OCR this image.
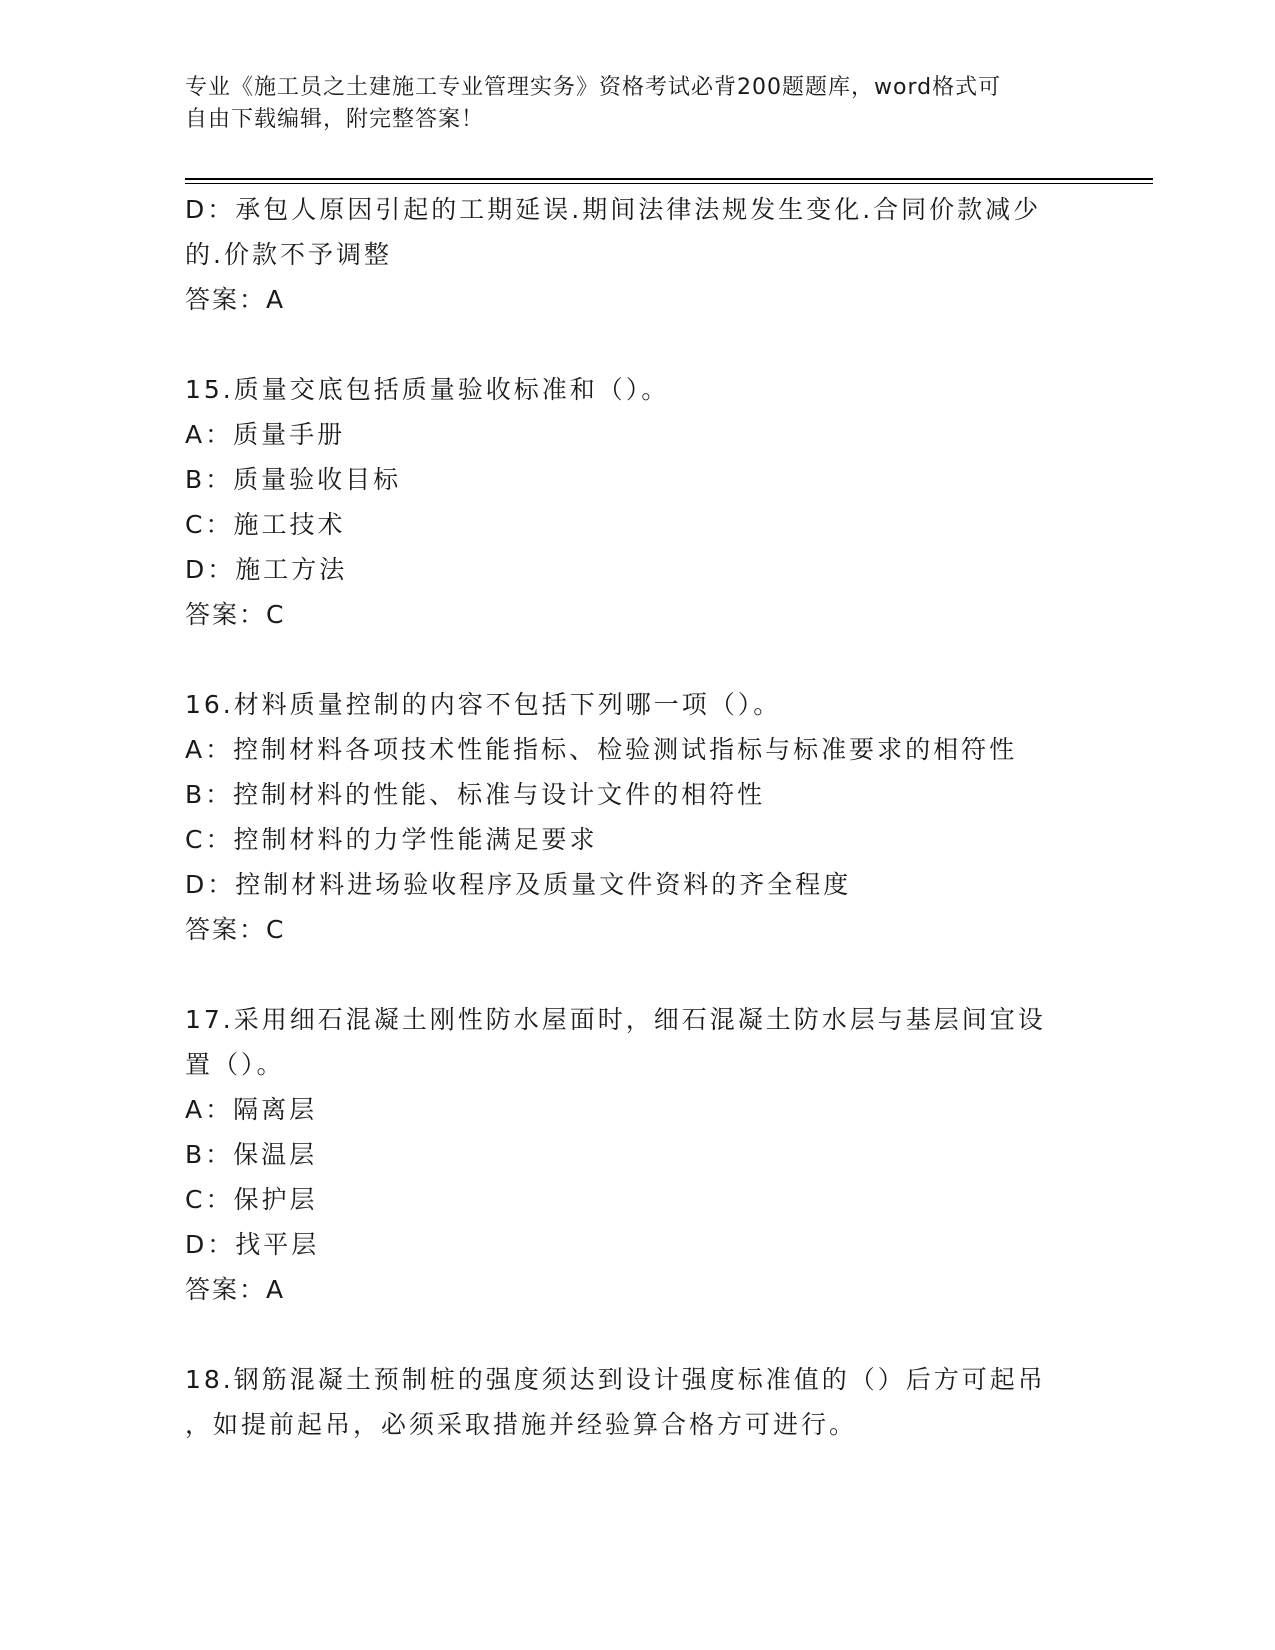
专业《施工员之土建施工专业管理实务》资格考试必背200题题库，word格式可
自由下载编辑，附完整答案！
D：承包人原因引起的工期延误.期间法律法规发生变化.合同价款减少
的.价款不予调整
答案：A
15.质量交底包括质量验收标准和（）。
A：质量手册
B：质量验收目标
C：施工技术
D：施工方法
答案：C
16.材料质量控制的内容不包括下列哪一项（）。
A：控制材料各项技术性能指标、检验测试指标与标准要求的相符性
B：控制材料的性能、标准与设计文件的相符性
C：控制材料的力学性能满足要求
D：控制材料进场验收程序及质量文件资料的齐全程度
答案：C
17.采用细石混凝土刚性防水屋面时，细石混凝土防水层与基层间宜设
置（）。
A：隔离层
B：保温层
C：保护层
D：找平层
答案：A
18.钢筋混凝土预制桩的强度须达到设计强度标准值的（）后方可起吊
，如提前起吊，必须采取措施并经验算合格方可进行。
